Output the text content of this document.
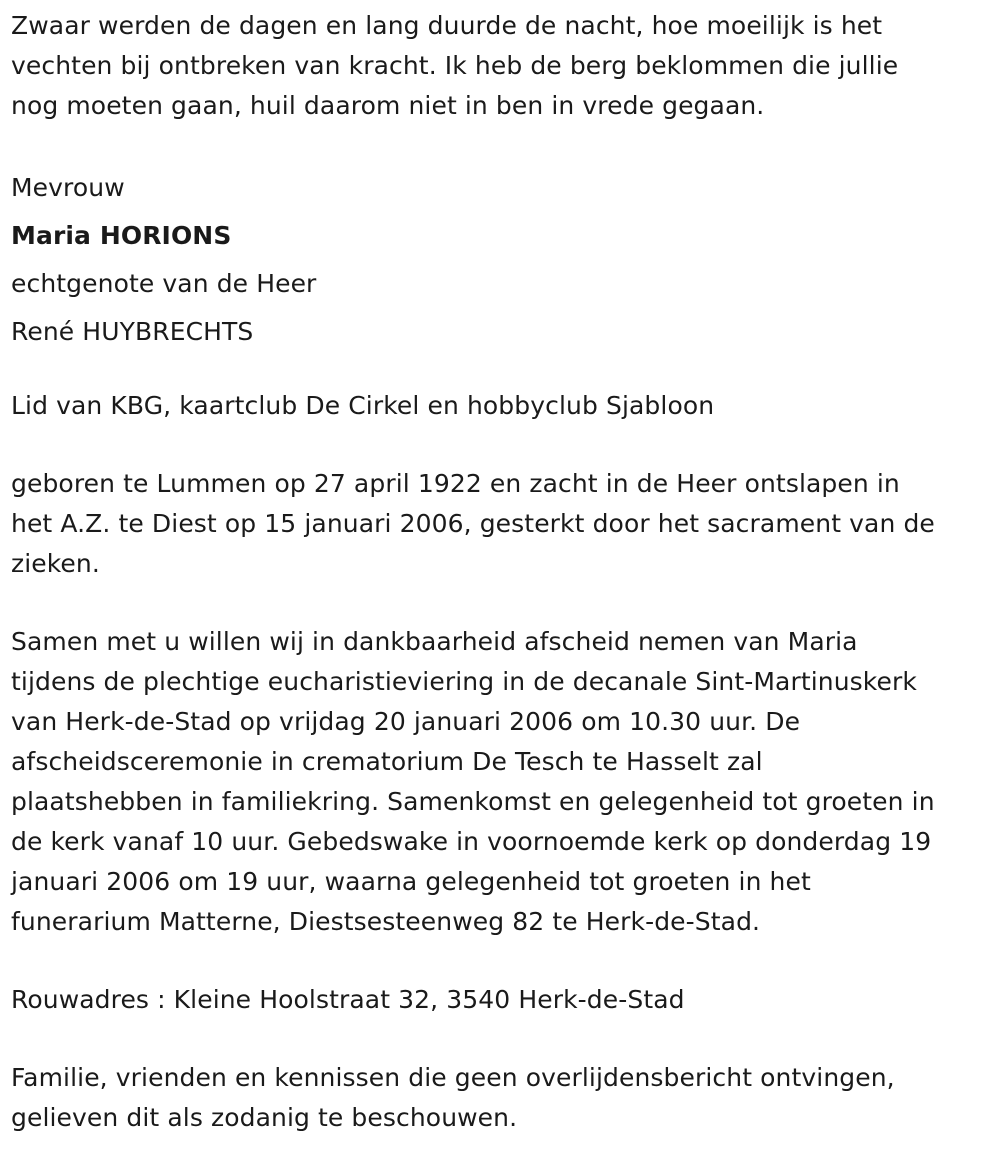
Zwaar werden de dagen en lang duurde de nacht, hoe moeilijk is het
vechten bij ontbreken van kracht. Ik heb de berg beklommen die jullie
nog moeten gaan, huil daarom niet in ben in vrede gegaan.
Mevrouw
Maria HORIONS
echtgenote van de Heer
René HUYBRECHTS
Lid van KBG, kaartclub De Cirkel en hobbyclub Sjabloon
geboren te Lummen op 27 april 1922 en zacht in de Heer ontslapen in
het A.Z. te Diest op 15 januari 2006, gesterkt door het sacrament van de
zieken.
Samen met u willen wij in dankbaarheid afscheid nemen van Maria
tijdens de plechtige eucharistieviering in de decanale Sint-Martinuskerk
van Herk-de-Stad op vrijdag 20 januari 2006 om 10.30 uur. De
afscheidsceremonie in crematorium De Tesch te Hasselt zal
plaatshebben in familiekring. Samenkomst en gelegenheid tot groeten in
de kerk vanaf 10 uur. Gebedswake in voornoemde kerk op donderdag 19
januari 2006 om 19 uur, waarna gelegenheid tot groeten in het
funerarium Matterne, Diestsesteenweg 82 te Herk-de-Stad.
Rouwadres : Kleine Hoolstraat 32, 3540 Herk-de-Stad
Familie, vrienden en kennissen die geen overlijdensbericht ontvingen,
gelieven dit als zodanig te beschouwen.
